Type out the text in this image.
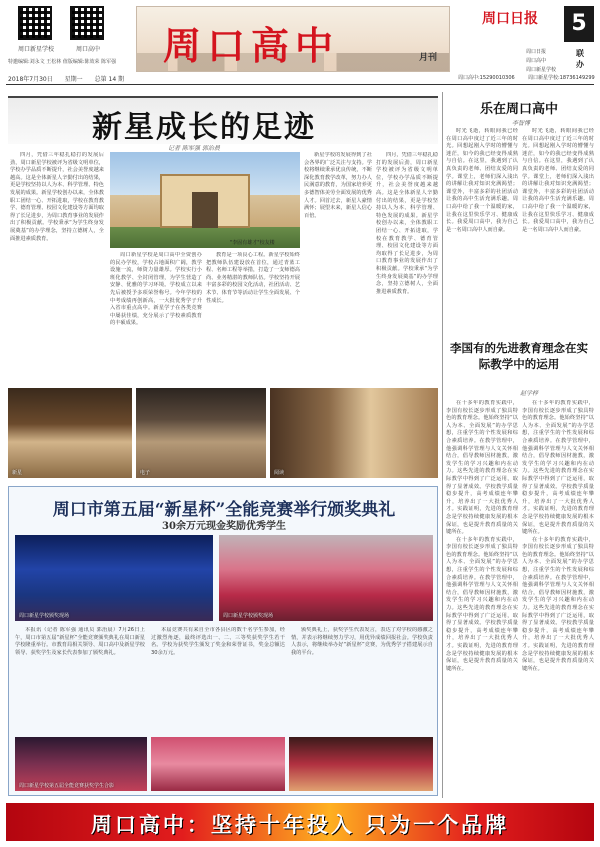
周口新星学校	周口高中
特邀编辑:刘永文 王松林 值版编辑:陈效荣 陈军强 周口高中	月刊
周口日报	5
周口日报
周口高中
周口新星学校
联办
2018年7月30日 星期一 总第 14 期	周口高中:15290010306	周口新星学校:18736149299
新星成长的足迹
记者 陈军强 郭治晨

四月，凭借三年稳扎稳打的发展后劲，周口新星学校被评为省级文明单位，学校办学品质不断提升，社会美誉度越来越高。这是全体新星人辛勤付出的结果，更是学校坚持以人为本、科学管理、特色发展的成果。新星学校创办以来，全体教职工团结一心、开拓进取，学校在教育教学、德育管理、校园文化建设等方面均取得了长足进步，为周口教育事业的发展作出了积极贡献。学校秉承“为学生终身发展奠基”的办学理念，坚持立德树人，全面推进素质教育。

"李固有雄才"校友楼

周口新星学校是周口高中全资创办的民办学校，学校占地面积广阔，教学设施一流，师资力量雄厚。学校实行小班化教学、全封闭管理，为学生营造了安静、优雅的学习环境。学校成立以来先后被授予多项荣誉称号。今年学校的中考成绩再创新高，一大批优秀学子升入省市重点高中。新星学子在各类竞赛中屡获佳绩，充分展示了学校素质教育的丰硕成果。

教育是一项良心工程。新星学校始终把教师队伍建设放在首位，通过青蓝工程、名师工程等举措，打造了一支师德高尚、业务精湛的教师队伍。学校坚持开展丰富多彩的校园文化活动，社团活动、艺术节、体育节等活动让学生全面发展、个性成长。

新星学校的发展得到了社会各界的广泛关注与支持。学校将继续秉承优良传统，不断深化教育教学改革，努力办人民满意的教育，为国家培养更多德智体美劳全面发展的优秀人才。回首过去，新星人豪情满怀；展望未来，新星人信心百倍。

四月，凭借三年稳扎稳打的发展后劲，周口新星学校被评为省级文明单位，学校办学品质不断提升，社会美誉度越来越高。这是全体新星人辛勤付出的结果，更是学校坚持以人为本、科学管理、特色发展的成果。新星学校创办以来，全体教职工团结一心、开拓进取，学校在教育教学、德育管理、校园文化建设等方面均取得了长足进步，为周口教育事业的发展作出了积极贡献。学校秉承“为学生终身发展奠基”的办学理念，坚持立德树人，全面推进素质教育。

新星	电子	阅读
周口市第五届“新星杯”全能竞赛举行颁奖典礼
30余万元现金奖励优秀学生
周口新星学校颁奖现场	周口新星学校颁奖现场

本报讯（记者 陈军强 通讯员 郭治晨）7月26日上午，周口市第五届“新星杯”全能竞赛颁奖典礼在周口新星学校隆重举行。市教育局相关领导、周口高中及新星学校领导、获奖学生及家长代表参加了颁奖典礼。

本届竞赛共有来自全市各县区的数千名学生参加，经过激烈角逐，最终评选出一、二、三等奖获奖学生若干名。学校为获奖学生颁发了奖金和荣誉证书，奖金总额达30余万元。

颁奖典礼上，获奖学生代表发言，表达了对学校的感激之情，并表示将继续努力学习，用优异成绩回报社会。学校负责人表示，将继续举办好“新星杯”竞赛，为优秀学子搭建展示自我的平台。

周口新星学校第五届全能竞赛获奖学生合影
乐在周口高中
李智博

时光飞逝，转眼间我已经在周口高中度过了近三年的时光。回想起刚入学时的懵懂与迷茫，如今的我已经变得成熟与自信。在这里，我遇到了认真负责的老师、团结友爱的同学。课堂上，老师们深入浅出的讲解让我对知识充满渴望；课堂外，丰富多彩的社团活动让我的高中生活充满乐趣。周口高中给了我一个温暖的家，让我在这里快乐学习、健康成长。我爱周口高中，我为自己是一名周口高中人而自豪。

时光飞逝，转眼间我已经在周口高中度过了近三年的时光。回想起刚入学时的懵懂与迷茫，如今的我已经变得成熟与自信。在这里，我遇到了认真负责的老师、团结友爱的同学。课堂上，老师们深入浅出的讲解让我对知识充满渴望；课堂外，丰富多彩的社团活动让我的高中生活充满乐趣。周口高中给了我一个温暖的家，让我在这里快乐学习、健康成长。我爱周口高中，我为自己是一名周口高中人而自豪。

李国有的先进教育理念在实际教学中的运用
赵学梓

在十多年的教育实践中，李国有校长逐步形成了独具特色的教育理念。他始终坚持“以人为本、全面发展”的办学思想，注重学生的个性发展和综合素质培养。在教学管理中，他强调科学管理与人文关怀相结合，倡导教师因材施教，激发学生的学习兴趣和内在动力。这些先进的教育理念在实际教学中得到了广泛运用，取得了显著成效。学校教学质量稳步提升，高考成绩连年攀升，培养出了一大批优秀人才。实践证明，先进的教育理念是学校持续健康发展的根本保证，也是提升教育质量的关键所在。

在十多年的教育实践中，李国有校长逐步形成了独具特色的教育理念。他始终坚持“以人为本、全面发展”的办学思想，注重学生的个性发展和综合素质培养。在教学管理中，他强调科学管理与人文关怀相结合，倡导教师因材施教，激发学生的学习兴趣和内在动力。这些先进的教育理念在实际教学中得到了广泛运用，取得了显著成效。学校教学质量稳步提升，高考成绩连年攀升，培养出了一大批优秀人才。实践证明，先进的教育理念是学校持续健康发展的根本保证，也是提升教育质量的关键所在。

在十多年的教育实践中，李国有校长逐步形成了独具特色的教育理念。他始终坚持“以人为本、全面发展”的办学思想，注重学生的个性发展和综合素质培养。在教学管理中，他强调科学管理与人文关怀相结合，倡导教师因材施教，激发学生的学习兴趣和内在动力。这些先进的教育理念在实际教学中得到了广泛运用，取得了显著成效。学校教学质量稳步提升，高考成绩连年攀升，培养出了一大批优秀人才。实践证明，先进的教育理念是学校持续健康发展的根本保证，也是提升教育质量的关键所在。

在十多年的教育实践中，李国有校长逐步形成了独具特色的教育理念。他始终坚持“以人为本、全面发展”的办学思想，注重学生的个性发展和综合素质培养。在教学管理中，他强调科学管理与人文关怀相结合，倡导教师因材施教，激发学生的学习兴趣和内在动力。这些先进的教育理念在实际教学中得到了广泛运用，取得了显著成效。学校教学质量稳步提升，高考成绩连年攀升，培养出了一大批优秀人才。实践证明，先进的教育理念是学校持续健康发展的根本保证，也是提升教育质量的关键所在。

周口高中：坚持十年投入 只为一个品牌
